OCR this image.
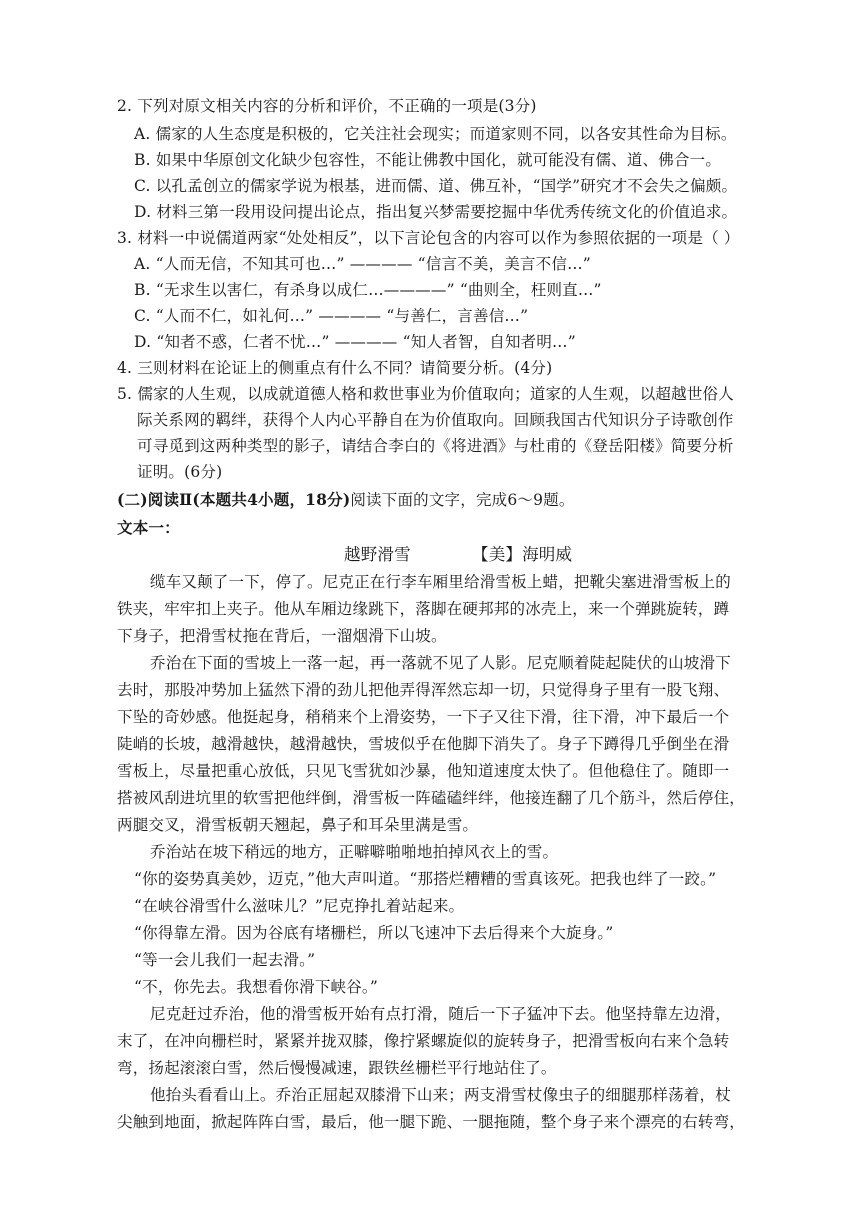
2. 下列对原文相关内容的分析和评价，不正确的一项是(3分)
A. 儒家的人生态度是积极的，它关注社会现实；而道家则不同，以各安其性命为目标。
B. 如果中华原创文化缺少包容性，不能让佛教中国化，就可能没有儒、道、佛合一。
C. 以孔孟创立的儒家学说为根基，进而儒、道、佛互补，“国学”研究才不会失之偏颇。
D. 材料三第一段用设问提出论点，指出复兴梦需要挖掘中华优秀传统文化的价值追求。
3. 材料一中说儒道两家“处处相反”，以下言论包含的内容可以作为参照依据的一项是（ ）
A. “人而无信，不知其可也…” ———— “信言不美，美言不信…”
B. “无求生以害仁，有杀身以成仁…————” “曲则全，枉则直…”
C. “人而不仁，如礼何…” ———— “与善仁，言善信…”
D. “知者不惑，仁者不忧…” ———— “知人者智，自知者明…”
4. 三则材料在论证上的侧重点有什么不同？请简要分析。(4分)
5. 儒家的人生观，以成就道德人格和救世事业为价值取向；道家的人生观，以超越世俗人
际关系网的羁绊，获得个人内心平静自在为价值取向。回顾我国古代知识分子诗歌创作
可寻觅到这两种类型的影子，请结合李白的《将进酒》与杜甫的《登岳阳楼》简要分析
证明。(6分)
(二)阅读Ⅱ(本题共4小题，18分)阅读下面的文字，完成6～9题。
文本一：
越野滑雪	【美】海明威
缆车又颠了一下，停了。尼克正在行李车厢里给滑雪板上蜡，把靴尖塞进滑雪板上的
铁夹，牢牢扣上夹子。他从车厢边缘跳下，落脚在硬邦邦的冰壳上，来一个弹跳旋转，蹲
下身子，把滑雪杖拖在背后，一溜烟滑下山坡。
乔治在下面的雪坡上一落一起，再一落就不见了人影。尼克顺着陡起陡伏的山坡滑下
去时，那股冲势加上猛然下滑的劲儿把他弄得浑然忘却一切，只觉得身子里有一股飞翔、
下坠的奇妙感。他挺起身，稍稍来个上滑姿势，一下子又往下滑，往下滑，冲下最后一个
陡峭的长坡，越滑越快，越滑越快，雪坡似乎在他脚下消失了。身子下蹲得几乎倒坐在滑
雪板上，尽量把重心放低，只见飞雪犹如沙暴，他知道速度太快了。但他稳住了。随即一
搭被风刮进坑里的软雪把他绊倒，滑雪板一阵磕磕绊绊，他接连翻了几个筋斗，然后停住，
两腿交叉，滑雪板朝天翘起，鼻子和耳朵里满是雪。
乔治站在坡下稍远的地方，正噼噼啪啪地拍掉风衣上的雪。
“你的姿势真美妙，迈克，”他大声叫道。“那搭烂糟糟的雪真该死。把我也绊了一跤。”
“在峡谷滑雪什么滋味儿？”尼克挣扎着站起来。
“你得靠左滑。因为谷底有堵栅栏，所以飞速冲下去后得来个大旋身。”
“等一会儿我们一起去滑。”
“不，你先去。我想看你滑下峡谷。”
尼克赶过乔治，他的滑雪板开始有点打滑，随后一下子猛冲下去。他坚持靠左边滑，
末了，在冲向栅栏时，紧紧并拢双膝，像拧紧螺旋似的旋转身子，把滑雪板向右来个急转
弯，扬起滚滚白雪，然后慢慢减速，跟铁丝栅栏平行地站住了。
他抬头看看山上。乔治正屈起双膝滑下山来；两支滑雪杖像虫子的细腿那样荡着，杖
尖触到地面，掀起阵阵白雪，最后，他一腿下跪、一腿拖随，整个身子来个漂亮的右转弯，
